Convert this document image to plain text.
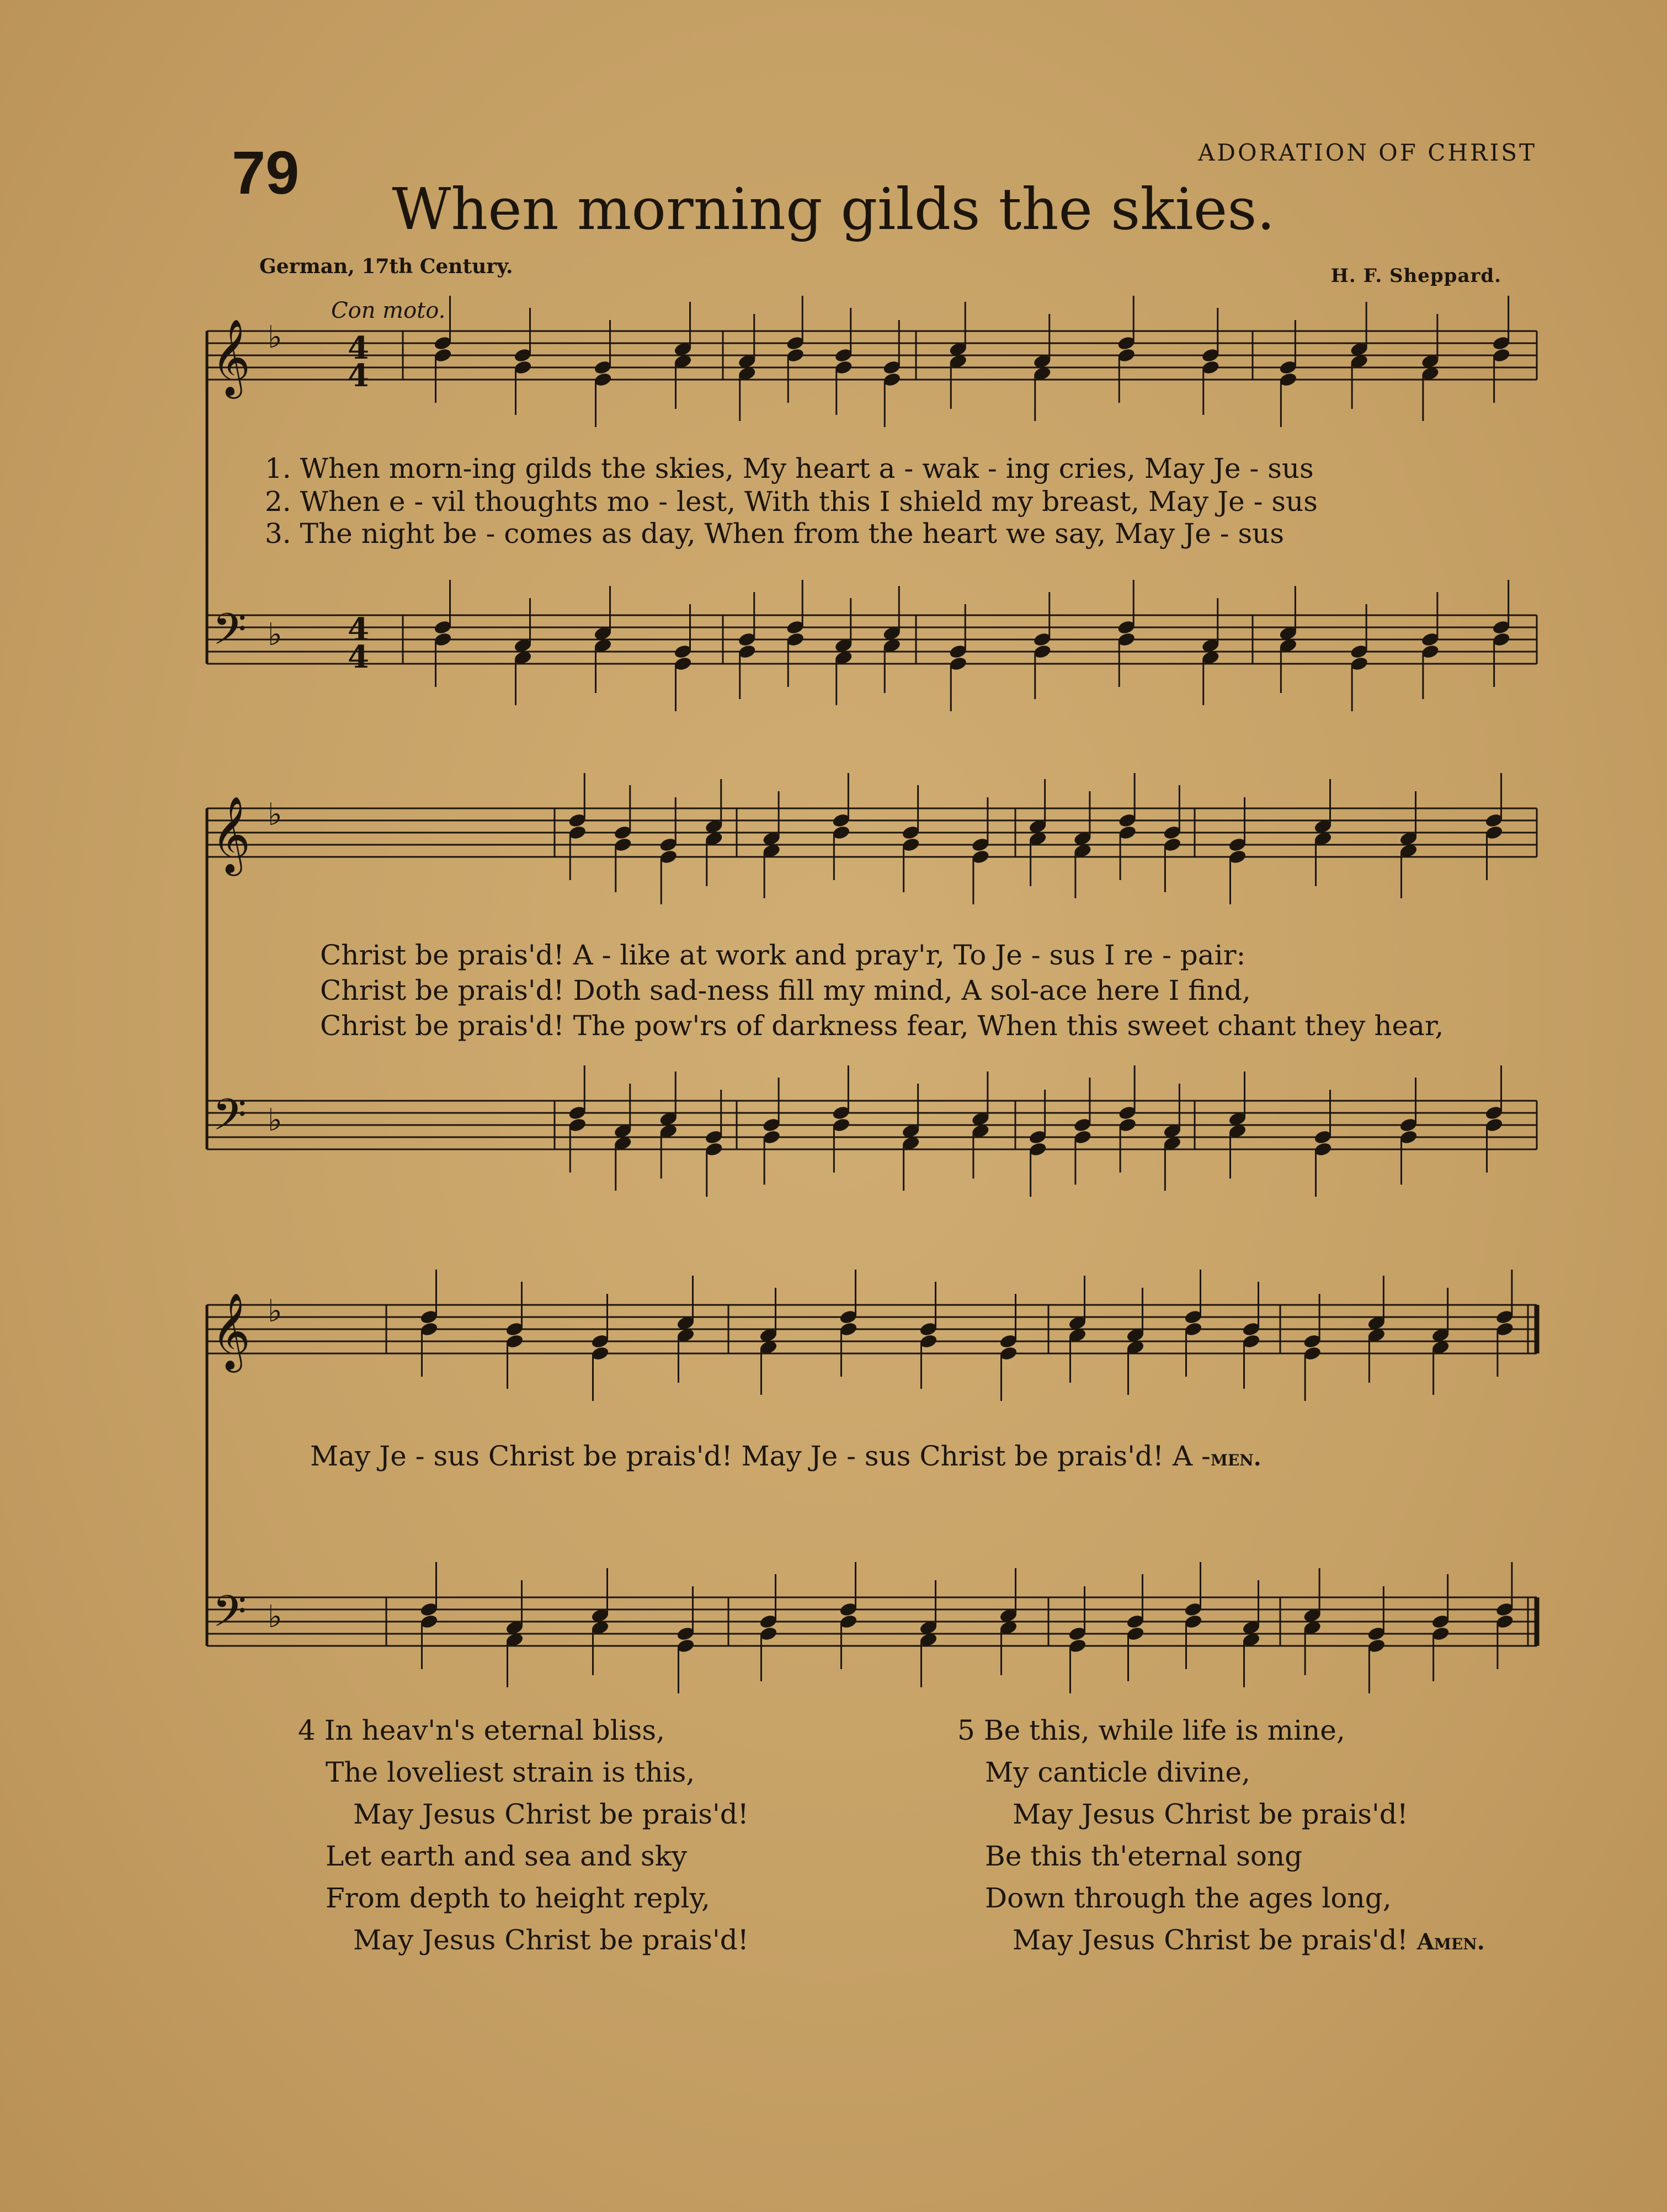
79	ADORATION OF CHRIST
When morning gilds the skies.
German, 17th Century.	H. F. Sheppard.
Con moto.
𝄞
𝄢
♭
♭
𝄞
𝄢
♭
♭
𝄞
𝄢
♭
♭
4
4
4
4
1. When morn-ing gilds the skies, My heart a - wak - ing cries, May Je - sus
2. When e - vil thoughts mo - lest, With this I shield my breast, May Je - sus
3. The night be - comes as day, When from the heart we say, May Je - sus
Christ be prais'd! A - like at work and pray'r, To Je - sus I re - pair:
Christ be prais'd! Doth sad-ness fill my mind, A sol-ace here I find,
Christ be prais'd! The pow'rs of darkness fear, When this sweet chant they hear,
May Je - sus Christ be prais'd! May Je - sus Christ be prais'd! A -men.
4 In heav'n's eternal bliss,
The loveliest strain is this,
May Jesus Christ be prais'd!
Let earth and sea and sky
From depth to height reply,
May Jesus Christ be prais'd!
5 Be this, while life is mine,
My canticle divine,
May Jesus Christ be prais'd!
Be this th'eternal song
Down through the ages long,
May Jesus Christ be prais'd! Amen.
